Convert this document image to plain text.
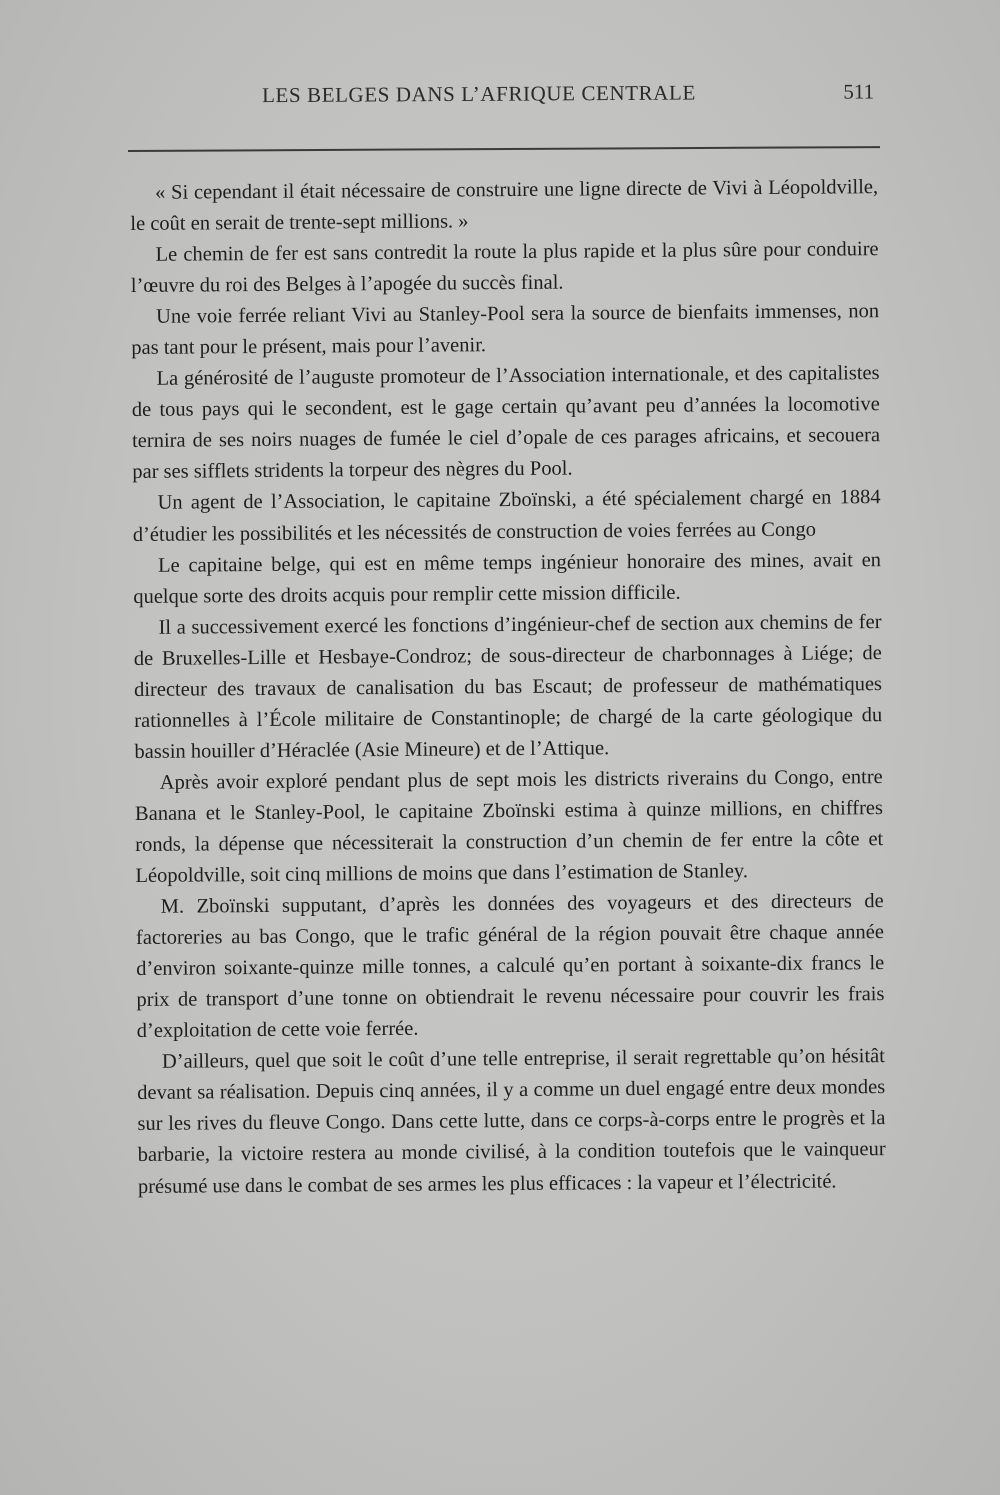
LES BELGES DANS L’AFRIQUE CENTRALE	511

« Si cependant il était nécessaire de construire une ligne directe de Vivi à Léopoldville, le coût en serait de trente-sept millions. »

Le chemin de fer est sans contredit la route la plus rapide et la plus sûre pour conduire l’œuvre du roi des Belges à l’apogée du succès final.

Une voie ferrée reliant Vivi au Stanley-Pool sera la source de bienfaits immenses, non pas tant pour le présent, mais pour l’avenir.

La générosité de l’auguste promoteur de l’Association internationale, et des capitalistes de tous pays qui le secondent, est le gage certain qu’avant peu d’années la locomotive ternira de ses noirs nuages de fumée le ciel d’opale de ces parages africains, et secouera par ses sifflets stridents la torpeur des nègres du Pool.

Un agent de l’Association, le capitaine Zboïnski, a été spécialement chargé en 1884 d’étudier les possibilités et les nécessités de construction de voies ferrées au Congo

Le capitaine belge, qui est en même temps ingénieur honoraire des mines, avait en quelque sorte des droits acquis pour remplir cette mission difficile.

Il a successivement exercé les fonctions d’ingénieur-chef de section aux chemins de fer de Bruxelles-Lille et Hesbaye-Condroz; de sous-directeur de charbonnages à Liége; de directeur des travaux de canalisation du bas Escaut; de professeur de mathématiques rationnelles à l’École militaire de Constantinople; de chargé de la carte géologique du bassin houiller d’Héraclée (Asie Mineure) et de l’Attique.

Après avoir exploré pendant plus de sept mois les districts riverains du Congo, entre Banana et le Stanley-Pool, le capitaine Zboïnski estima à quinze millions, en chiffres ronds, la dépense que nécessiterait la construction d’un chemin de fer entre la côte et Léopoldville, soit cinq millions de moins que dans l’estimation de Stanley.

M. Zboïnski supputant, d’après les données des voyageurs et des directeurs de factoreries au bas Congo, que le trafic général de la région pouvait être chaque année d’environ soixante-quinze mille tonnes, a calculé qu’en portant à soixante-dix francs le prix de transport d’une tonne on obtiendrait le revenu nécessaire pour couvrir les frais d’exploitation de cette voie ferrée.

D’ailleurs, quel que soit le coût d’une telle entreprise, il serait regrettable qu’on hésitât devant sa réalisation. Depuis cinq années, il y a comme un duel engagé entre deux mondes sur les rives du fleuve Congo. Dans cette lutte, dans ce corps-à-corps entre le progrès et la barbarie, la victoire restera au monde civilisé, à la condition toutefois que le vainqueur présumé use dans le combat de ses armes les plus efficaces : la vapeur et l’électricité.
